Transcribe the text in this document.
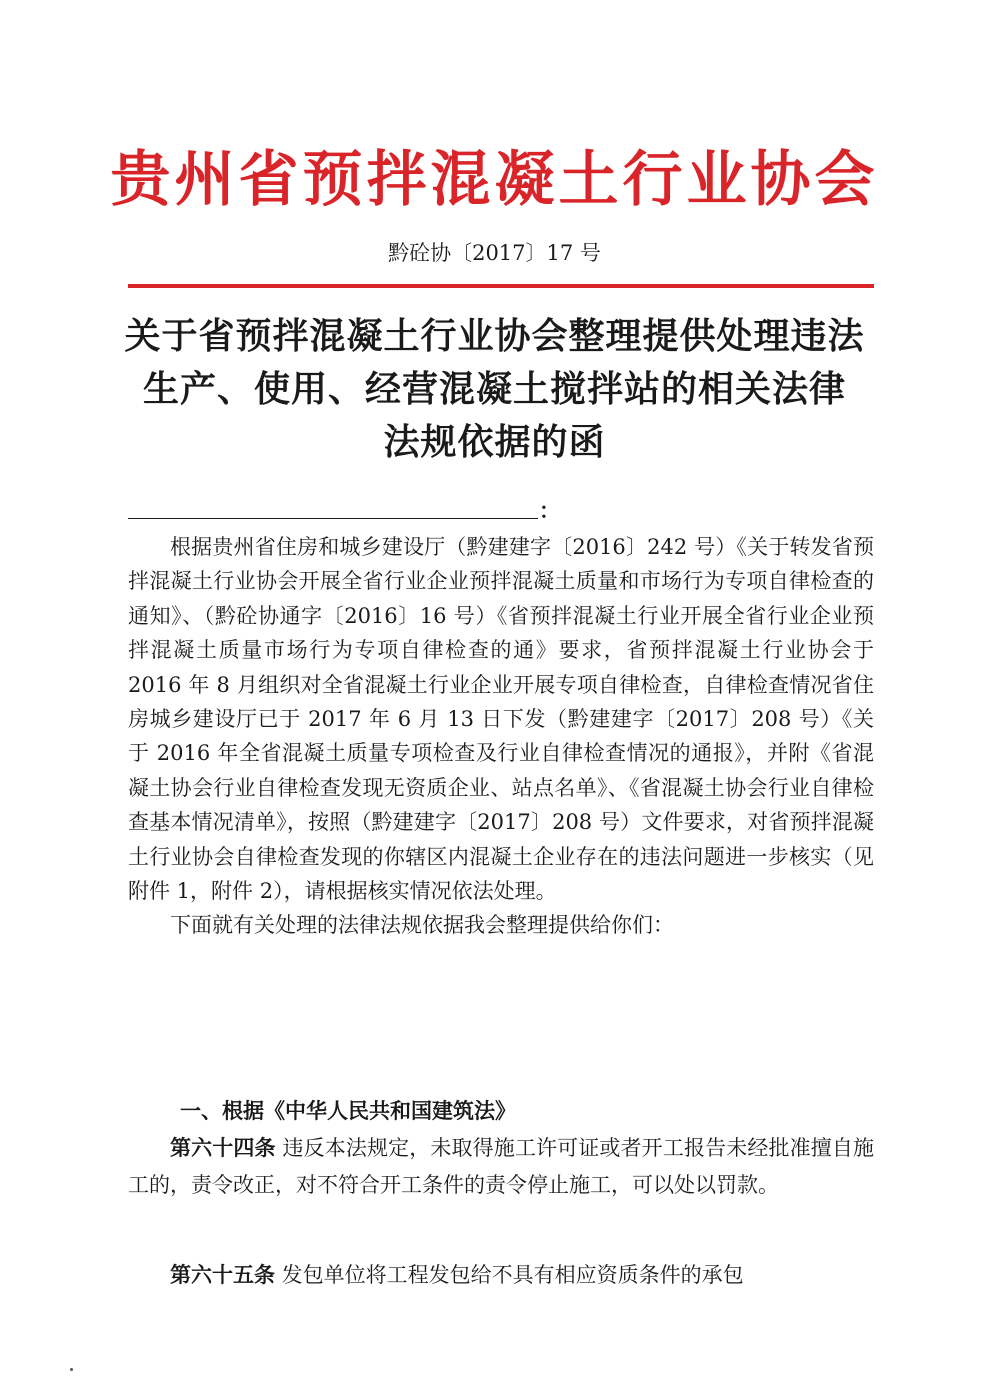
贵州省预拌混凝土行业协会
黔砼协〔2017〕17 号
关于省预拌混凝土行业协会整理提供处理违法
生产、使用、经营混凝土搅拌站的相关法律
法规依据的函
：

根据贵州省住房和城乡建设厅（黔建建字〔2016〕242 号）《关于转发省预拌混凝土行业协会开展全省行业企业预拌混凝土质量和市场行为专项自律检查的通知》、（黔砼协通字〔2016〕16 号）《省预拌混凝土行业开展全省行业企业预拌混凝土质量市场行为专项自律检查的通》要求，省预拌混凝土行业协会于 2016 年 8 月组织对全省混凝土行业企业开展专项自律检查，自律检查情况省住房城乡建设厅已于 2017 年 6 月 13 日下发（黔建建字〔2017〕208 号）《关于 2016 年全省混凝土质量专项检查及行业自律检查情况的通报》，并附《省混凝土协会行业自律检查发现无资质企业、站点名单》、《省混凝土协会行业自律检查基本情况清单》，按照（黔建建字〔2017〕208 号）文件要求，对省预拌混凝土行业协会自律检查发现的你辖区内混凝土企业存在的违法问题进一步核实（见附件 1，附件 2），请根据核实情况依法处理。

下面就有关处理的法律法规依据我会整理提供给你们：

一、根据《中华人民共和国建筑法》

第六十四条 违反本法规定，未取得施工许可证或者开工报告未经批准擅自施工的，责令改正，对不符合开工条件的责令停止施工，可以处以罚款。

第六十五条 发包单位将工程发包给不具有相应资质条件的承包
